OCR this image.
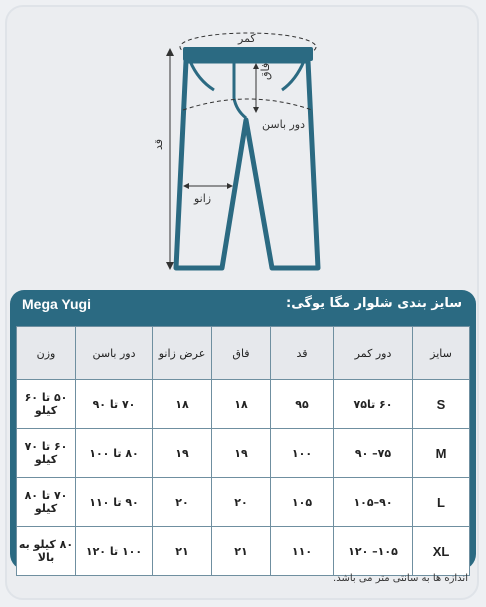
کمر
فاق
دور باسن
قد
زانو
Mega Yugi	سایز بندی شلوار مگا یوگی:
سایز	دور کمر	قد	فاق	عرض زانو	دور باسن	وزن
S	۶۰ تا۷۵	۹۵	۱۸	۱۸	۷۰ تا ۹۰	۵۰ تا ۶۰ کیلو
M	۷۵– ۹۰	۱۰۰	۱۹	۱۹	۸۰ تا ۱۰۰	۶۰ تا ۷۰ کیلو
L	۹۰–۱۰۵	۱۰۵	۲۰	۲۰	۹۰ تا ۱۱۰	۷۰ تا ۸۰ کیلو
XL	۱۰۵– ۱۲۰	۱۱۰	۲۱	۲۱	۱۰۰ تا ۱۲۰	۸۰ کیلو به بالا
اندازه ها به سانتی متر می باشد.
